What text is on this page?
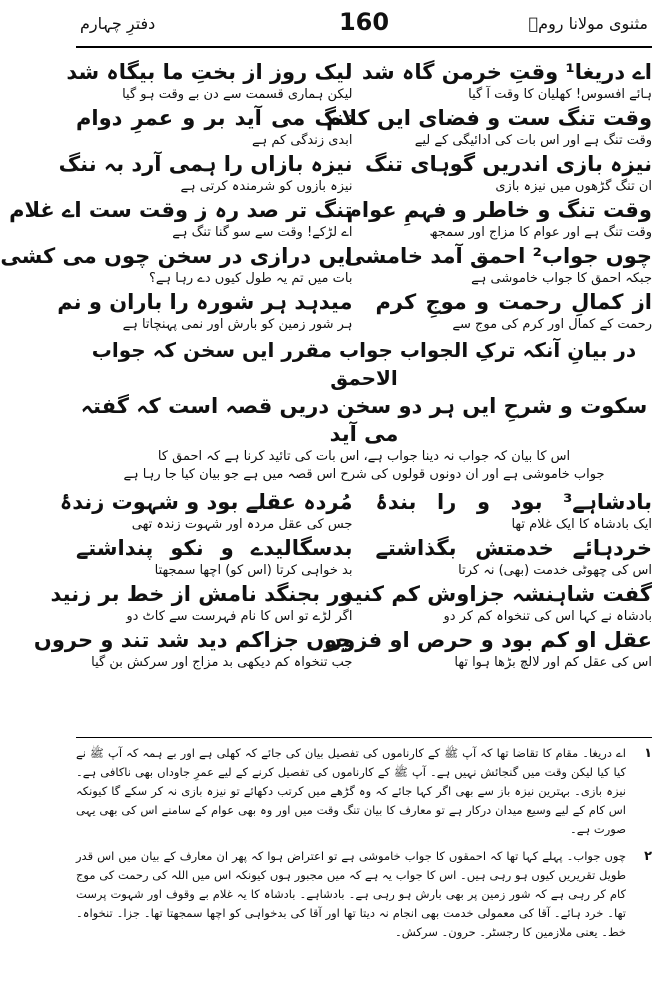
مثنوی مولانا رومؒ
160
دفترِ چہارم
اے دریغا¹ وقتِ خرمن گاہ شد
لیک روز از بختِ ما بیگاہ شد
ہائے افسوس! کھلیان کا وقت آ گیا
لیکن ہماری قسمت سے دن بے وقت ہو گیا
وقت تنگ ست و فضای ایں کلام
تنگ می آید بر و عمرِ دوام
وقت تنگ ہے اور اس بات کی ادائیگی کے لیے
ابدی زندگی کم ہے
نیزہ بازی اندریں گوہای تنگ
نیزہ بازاں را ہمی آرد بہ ننگ
ان تنگ گڑھوں میں نیزہ بازی
نیزہ بازوں کو شرمندہ کرتی ہے
وقت تنگ و خاطر و فہمِ عوام
تنگ تر صد رہ ز وقت ست اے غلام
وقت تنگ ہے اور عوام کا مزاج اور سمجھ
اے لڑکے! وقت سے سو گنا تنگ ہے
چوں جواب² احمق آمد خامشی
ایں درازی در سخن چوں می کشی
جبکہ احمق کا جواب خاموشی ہے
بات میں تم یہ طول کیوں دے رہا ہے؟
از کمالِ رحمت و موجِ کرم
میدہد ہر شورہ را باران و نم
رحمت کے کمال اور کرم کی موج سے
ہر شور زمین کو بارش اور نمی پہنچاتا ہے
در بیانِ آنکہ ترکِ الجواب جواب مقرر ایں سخن کہ جواب الاحمق
سکوت و شرحِ ایں ہر دو سخن دریں قصہ است کہ گفتہ می آید
اس کا بیان کہ جواب نہ دینا جواب ہے، اس بات کی تائید کرنا ہے کہ احمق کا
جواب خاموشی ہے اور ان دونوں قولوں کی شرح اس قصہ میں ہے جو بیان کیا جا رہا ہے
بادشاہے³ بود و را بندۂ
مُردہ عقلے بود و شہوت زندۂ
ایک بادشاہ کا ایک غلام تھا
جس کی عقل مردہ اور شہوت زندہ تھی
خردہائے خدمتش بگذاشتے
بدسگالیدے و نکو پنداشتے
اس کی چھوٹی خدمت (بھی) نہ کرتا
بد خواہی کرتا (اس کو) اچھا سمجھتا
گفت شاہنشہ جزاوش کم کنید
ور بجنگد نامش از خط بر زنید
بادشاہ نے کہا اس کی تنخواہ کم کر دو
اگر لڑے تو اس کا نام فہرست سے کاٹ دو
عقل او کم بود و حرص او فزوں
چوں جزاکم دید شد تند و حروں
اس کی عقل کم اور لالچ بڑھا ہوا تھا
جب تنخواہ کم دیکھی بد مزاج اور سرکش بن گیا
۱
اے دریغا۔ مقام کا تقاضا تھا کہ آپ ﷺ کے کارناموں کی تفصیل بیان کی جائے کہ کھلی ہے اور بے ہمہ کہ آپ ﷺ نے کیا کیا لیکن وقت میں گنجائش نہیں ہے۔ آپ ﷺ کے کارناموں کی تفصیل کرنے کے لیے عمرِ جاوداں بھی ناکافی ہے۔ نیزہ بازی۔ بہترین نیزہ باز سے بھی اگر کہا جائے کہ وہ گڑھے میں کرتب دکھائے تو نیزہ بازی نہ کر سکے گا کیونکہ اس کام کے لیے وسیع میدان درکار ہے تو معارف کا بیان تنگ وقت میں اور وہ بھی عوام کے سامنے اس کی بھی یہی صورت ہے۔
۲
چوں جواب۔ پہلے کہا تھا کہ احمقوں کا جواب خاموشی ہے تو اعتراض ہوا کہ پھر ان معارف کے بیان میں اس قدر طویل تقریریں کیوں ہو رہی ہیں۔ اس کا جواب یہ ہے کہ میں مجبور ہوں کیونکہ اس میں اللہ کی رحمت کی موج کام کر رہی ہے کہ شور زمین پر بھی بارش ہو رہی ہے۔ بادشاہے۔ بادشاہ کا یہ غلام بے وقوف اور شہوت پرست تھا۔ خرد ہائے۔ آقا کی معمولی خدمت بھی انجام نہ دیتا تھا اور آقا کی بدخواہی کو اچھا سمجھتا تھا۔ جزا۔ تنخواہ۔ خط۔ یعنی ملازمین کا رجسٹر۔ حرون۔ سرکش۔
